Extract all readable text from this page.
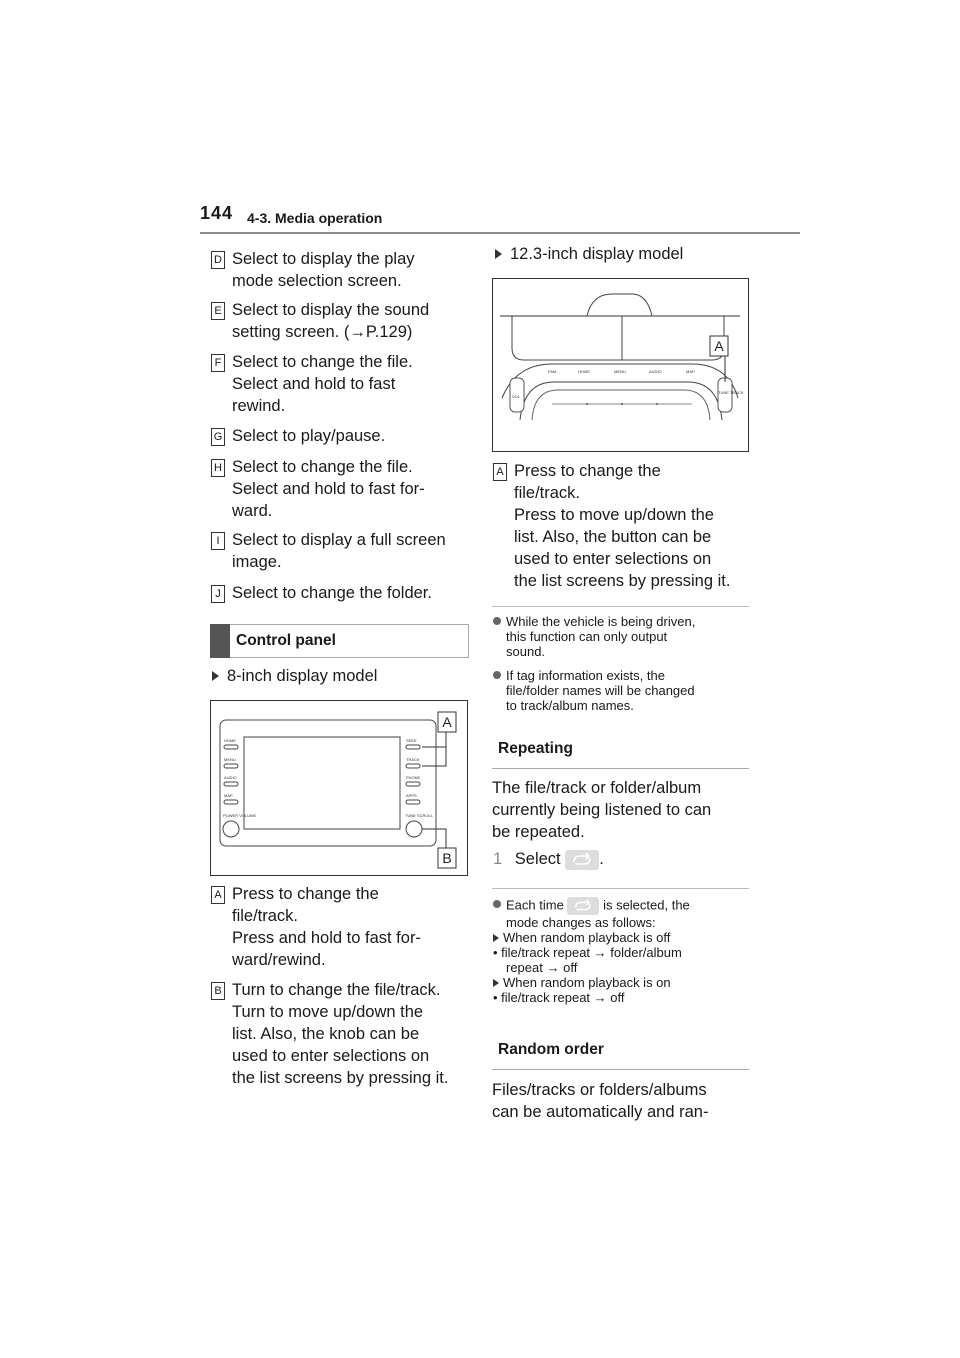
144 4-3. Media operation
D Select to display the play
mode selection screen.
E Select to display the sound
setting screen. (→P.129)
F Select to change the file.
Select and hold to fast
rewind.
G Select to play/pause.
H Select to change the file.
Select and hold to fast for-
ward.
I Select to display a full screen
image.
J Select to change the folder.
Control panel
8-inch display model
HOME
MENU
AUDIO
MAP
POWER VOLUME
SEEK
TRACK
PHONE
APPS
TUNE SCROLL
A
B
A Press to change the
file/track.
Press and hold to fast for-
ward/rewind.
B Turn to change the file/track.
Turn to move up/down the
list. Also, the knob can be
used to enter selections on
the list screens by pressing it.
12.3-inch display model
FAM	HOME	MENU	AUDIO	MAP
VOL
TUNE TRACK
A
A Press to change the
file/track.
Press to move up/down the
list. Also, the button can be
used to enter selections on
the list screens by pressing it.
While the vehicle is being driven,
this function can only output
sound.
If tag information exists, the
file/folder names will be changed
to track/album names.
Repeating
The file/track or folder/album
currently being listened to can
be repeated.
1 Select .
Each time	is selected, the
mode changes as follows:
When random playback is off
• file/track repeat → folder/album
repeat → off
When random playback is on
• file/track repeat → off
Random order
Files/tracks or folders/albums
can be automatically and ran-
